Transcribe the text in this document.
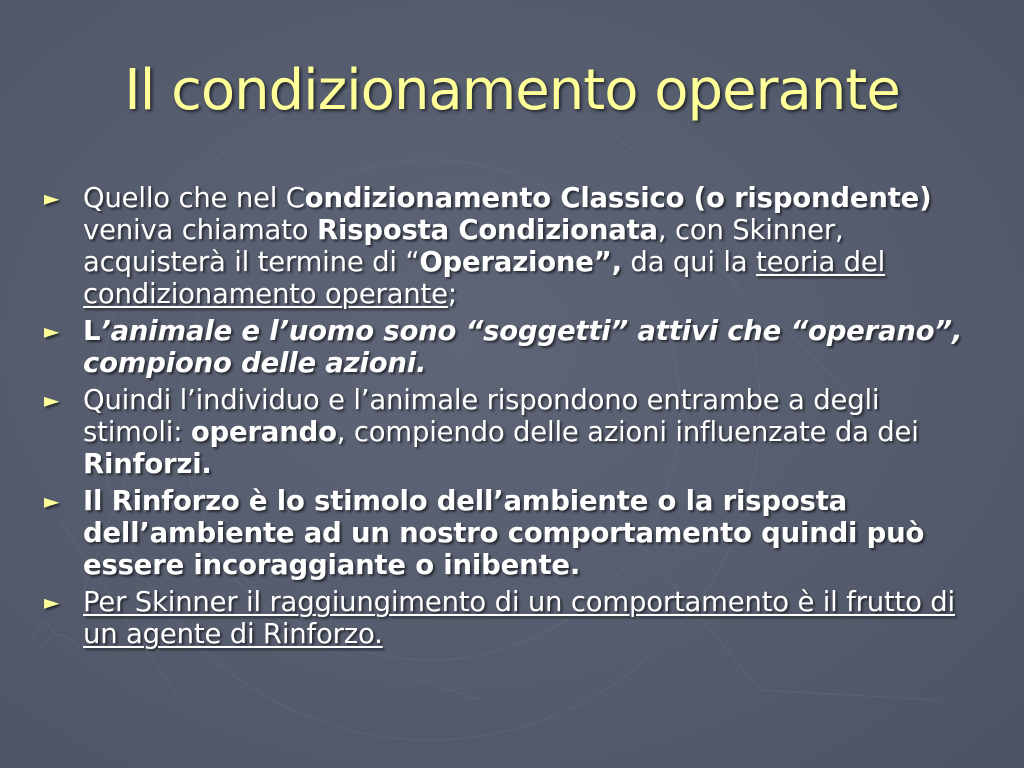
Il condizionamento operante
► Quello che nel Condizionamento Classico (o rispondente) veniva chiamato Risposta Condizionata, con Skinner, acquisterà il termine di “Operazione”, da qui la teoria del condizionamento operante;
► L’animale e l’uomo sono “soggetti” attivi che “operano”, compiono delle azioni.
► Quindi l’individuo e l’animale rispondono entrambe a degli stimoli: operando, compiendo delle azioni influenzate da dei Rinforzi.
► Il Rinforzo è lo stimolo dell’ambiente o la risposta dell’ambiente ad un nostro comportamento quindi può essere incoraggiante o inibente.
► Per Skinner il raggiungimento di un comportamento è il frutto di un agente di Rinforzo.
